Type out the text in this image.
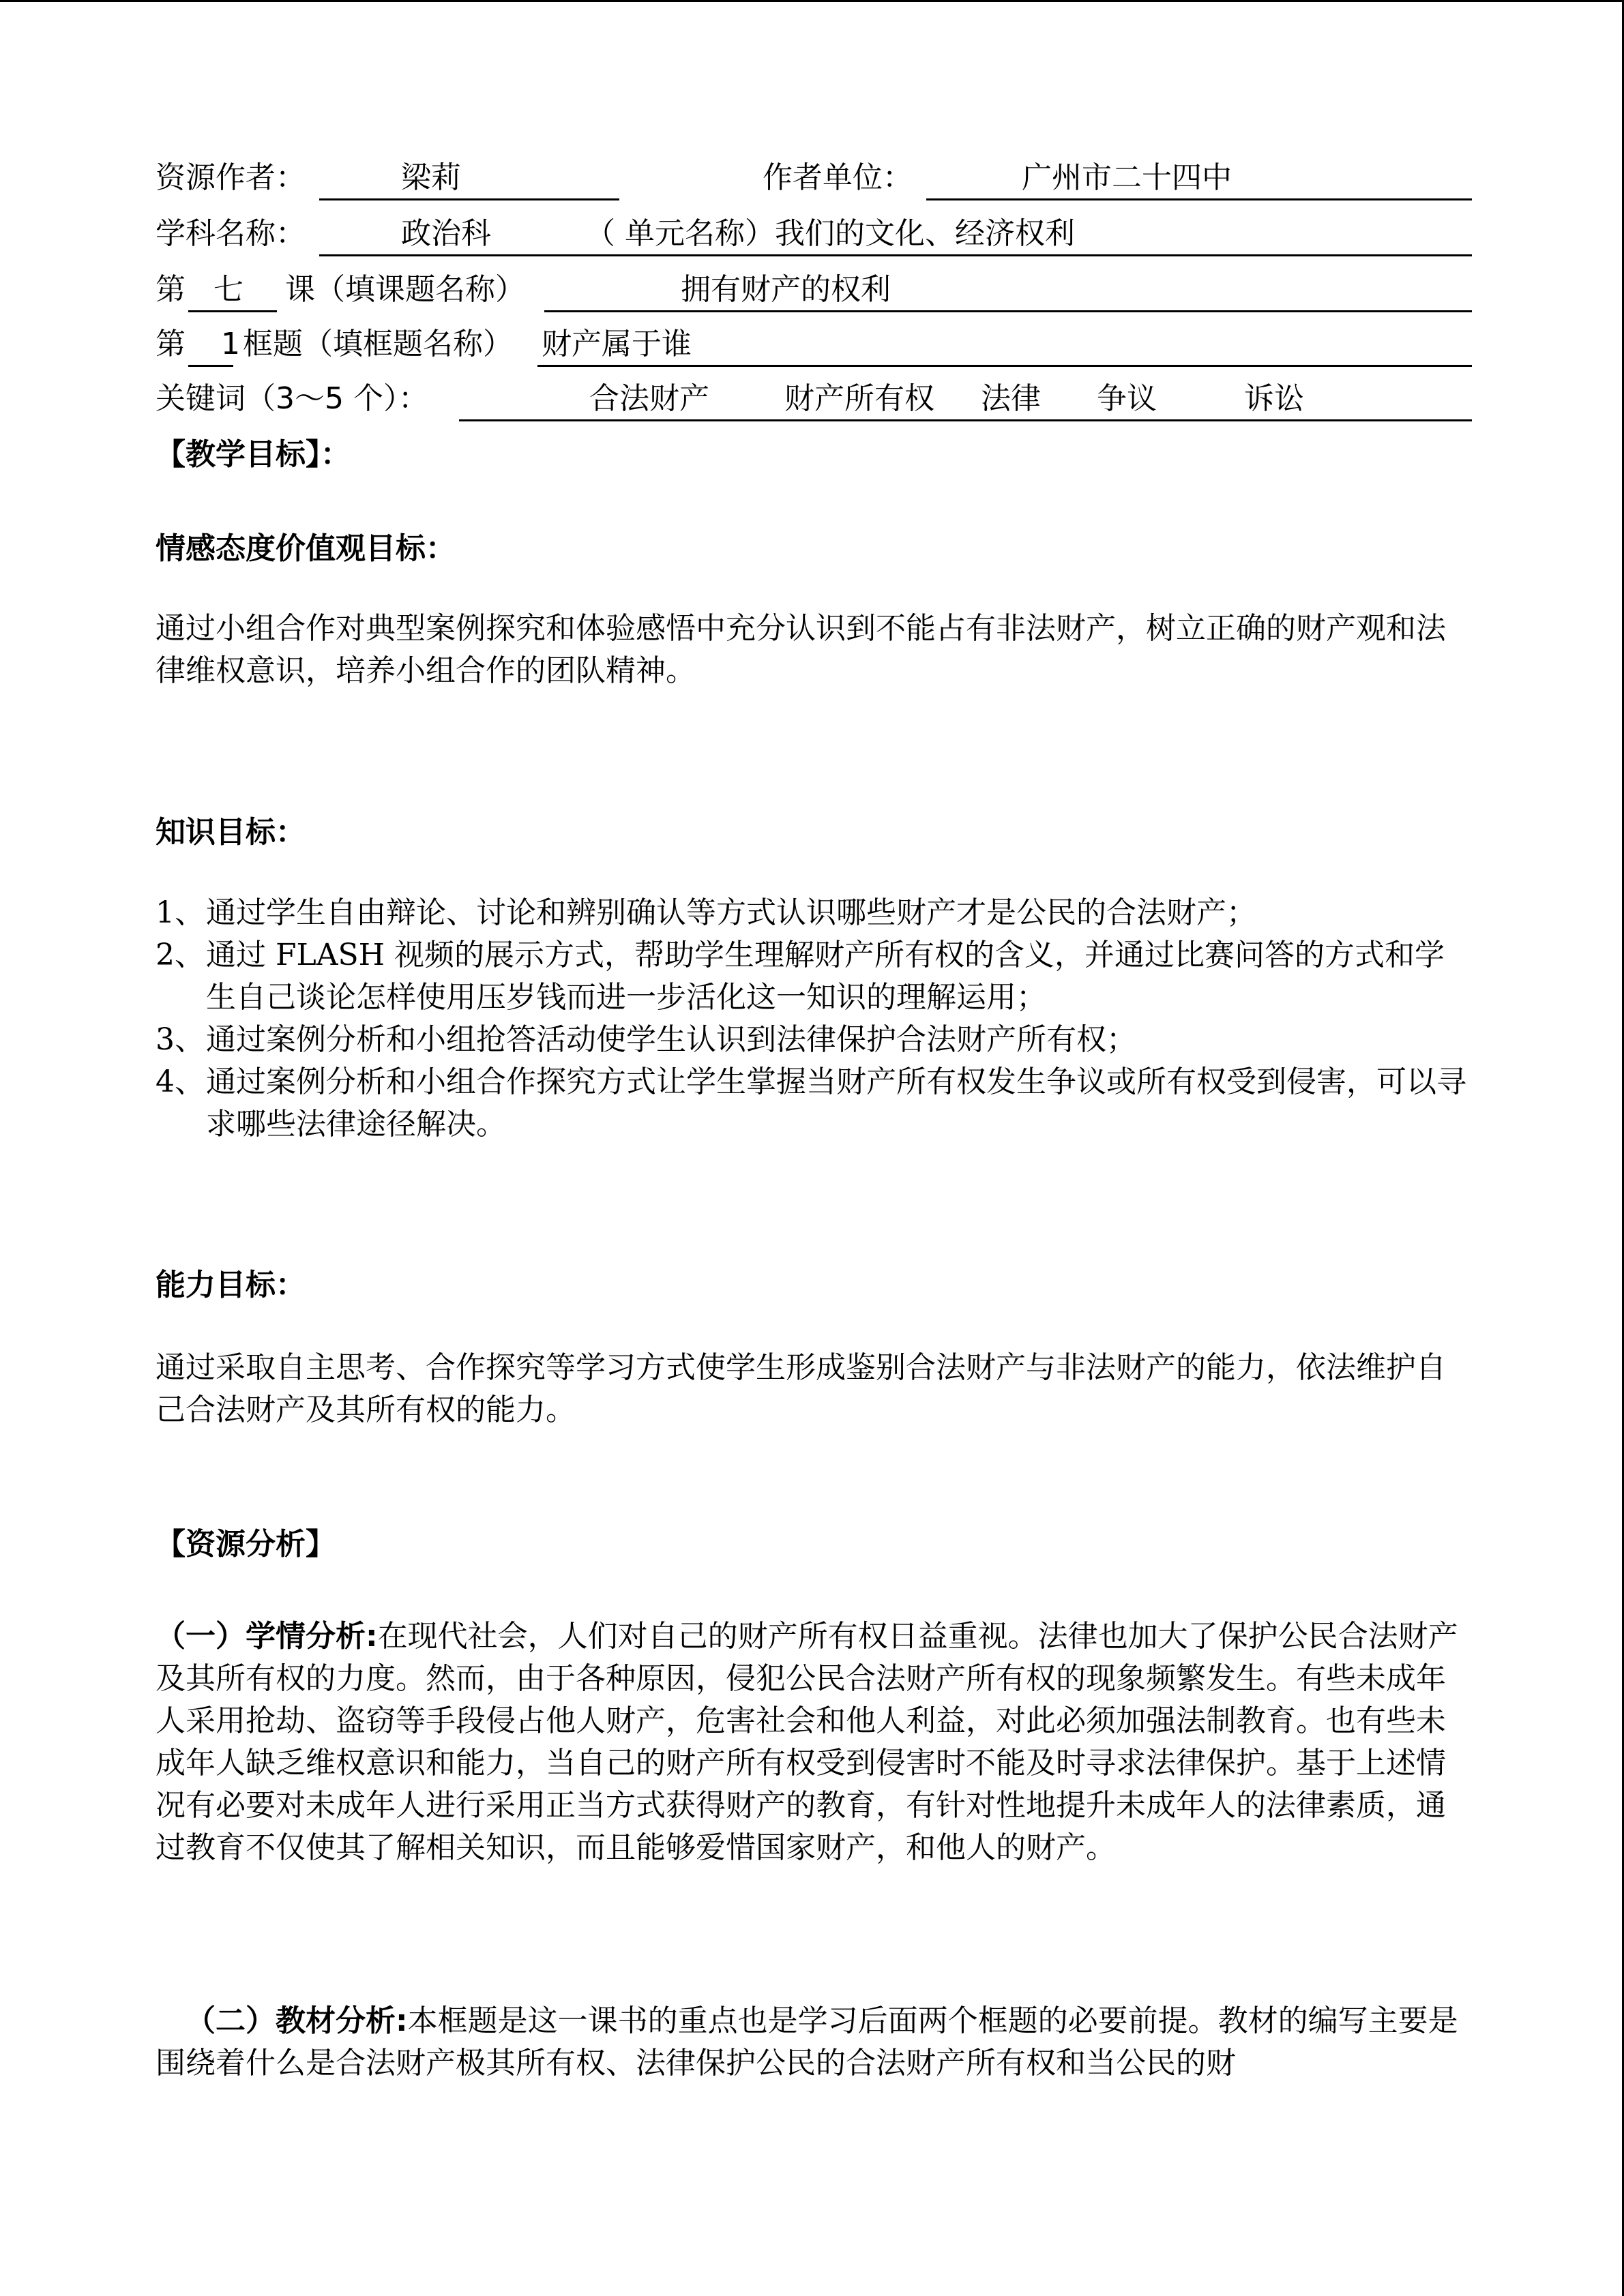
资源作者：	梁莉	作者单位：	广州市二十四中
学科名称：	政治科	（ 单元名称）我们的文化、经济权利
第 七 课（填课题名称）	拥有财产的权利
第 1 框题（填框题名称） 财产属于谁
关键词（3～5 个）：	合法财产	财产所有权 法律 争议	诉讼
【教学目标】：
情感态度价值观目标：

通过小组合作对典型案例探究和体验感悟中充分认识到不能占有非法财产，树立正确的财产观和法律维权意识，培养小组合作的团队精神。

知识目标：
1、 通过学生自由辩论、讨论和辨别确认等方式认识哪些财产才是公民的合法财产；
2、 通过 FLASH 视频的展示方式，帮助学生理解财产所有权的含义，并通过比赛问答的方式和学生自己谈论怎样使用压岁钱而进一步活化这一知识的理解运用；
3、 通过案例分析和小组抢答活动使学生认识到法律保护合法财产所有权；
4、 通过案例分析和小组合作探究方式让学生掌握当财产所有权发生争议或所有权受到侵害，可以寻求哪些法律途径解决。
能力目标：

通过采取自主思考、合作探究等学习方式使学生形成鉴别合法财产与非法财产的能力，依法维护自己合法财产及其所有权的能力。

【资源分析】

（一）学情分析:在现代社会，人们对自己的财产所有权日益重视。法律也加大了保护公民合法财产及其所有权的力度。然而，由于各种原因，侵犯公民合法财产所有权的现象频繁发生。有些未成年人采用抢劫、盗窃等手段侵占他人财产，危害社会和他人利益，对此必须加强法制教育。也有些未成年人缺乏维权意识和能力，当自己的财产所有权受到侵害时不能及时寻求法律保护。基于上述情况有必要对未成年人进行采用正当方式获得财产的教育，有针对性地提升未成年人的法律素质，通过教育不仅使其了解相关知识，而且能够爱惜国家财产，和他人的财产。

（二）教材分析:本框题是这一课书的重点也是学习后面两个框题的必要前提。教材的编写主要是围绕着什么是合法财产极其所有权、法律保护公民的合法财产所有权和当公民的财
